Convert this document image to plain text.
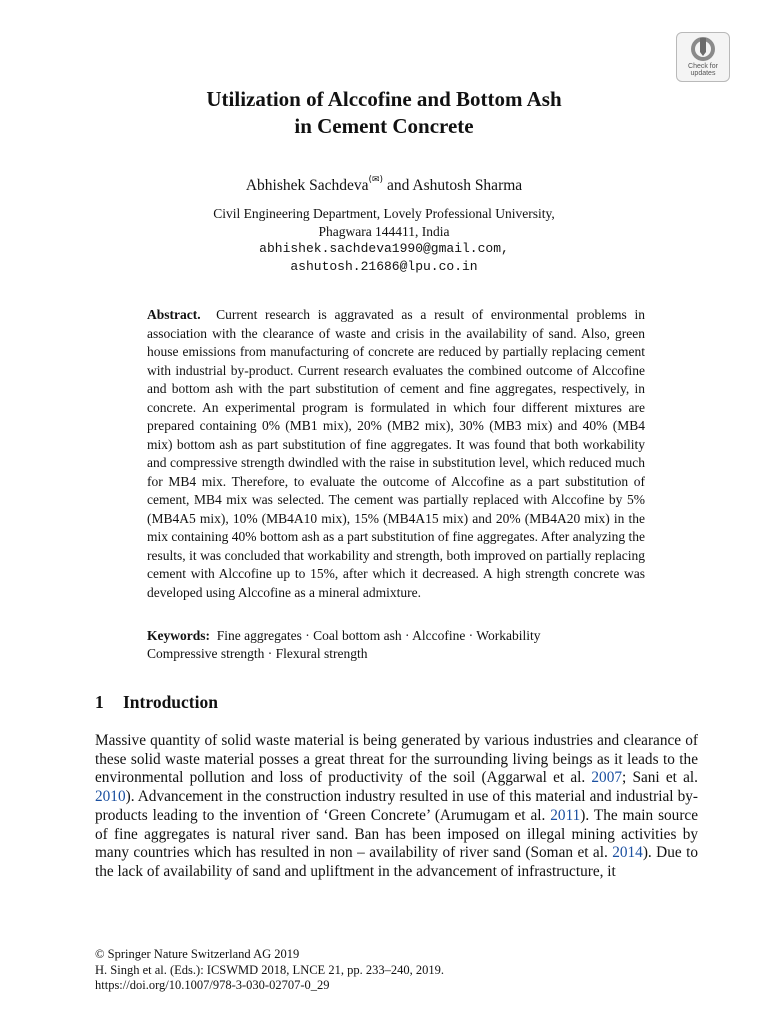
Check for
updates
Utilization of Alccofine and Bottom Ash
in Cement Concrete
Abhishek Sachdeva(✉) and Ashutosh Sharma
Civil Engineering Department, Lovely Professional University,
Phagwara 144411, India
abhishek.sachdeva1990@gmail.com,
ashutosh.21686@lpu.co.in

Abstract. Current research is aggravated as a result of environmental problems in association with the clearance of waste and crisis in the availability of sand. Also, green house emissions from manufacturing of concrete are reduced by partially replacing cement with industrial by-product. Current research evaluates the combined outcome of Alccofine and bottom ash with the part substitution of cement and fine aggregates, respectively, in concrete. An experimental program is formulated in which four different mixtures are prepared containing 0% (MB1 mix), 20% (MB2 mix), 30% (MB3 mix) and 40% (MB4 mix) bottom ash as part substitution of fine aggregates. It was found that both workability and compressive strength dwindled with the raise in substitution level, which reduced much for MB4 mix. Therefore, to evaluate the outcome of Alccofine as a part substitution of cement, MB4 mix was selected. The cement was partially replaced with Alccofine by 5% (MB4A5 mix), 10% (MB4A10 mix), 15% (MB4A15 mix) and 20% (MB4A20 mix) in the mix containing 40% bottom ash as a part substitution of fine aggregates. After analyzing the results, it was concluded that workability and strength, both improved on partially replacing cement with Alccofine up to 15%, after which it decreased. A high strength concrete was developed using Alccofine as a mineral admixture.

Keywords: Fine aggregates · Coal bottom ash · Alccofine · Workability
Compressive strength · Flexural strength
1 Introduction

Massive quantity of solid waste material is being generated by various industries and clearance of these solid waste material posses a great threat for the surrounding living beings as it leads to the environmental pollution and loss of productivity of the soil (Aggarwal et al. 2007; Sani et al. 2010). Advancement in the construction industry resulted in use of this material and industrial by-products leading to the invention of ‘Green Concrete’ (Arumugam et al. 2011). The main source of fine aggregates is natural river sand. Ban has been imposed on illegal mining activities by many countries which has resulted in non – availability of river sand (Soman et al. 2014). Due to the lack of availability of sand and upliftment in the advancement of infrastructure, it

© Springer Nature Switzerland AG 2019
H. Singh et al. (Eds.): ICSWMD 2018, LNCE 21, pp. 233–240, 2019.
https://doi.org/10.1007/978-3-030-02707-0_29
